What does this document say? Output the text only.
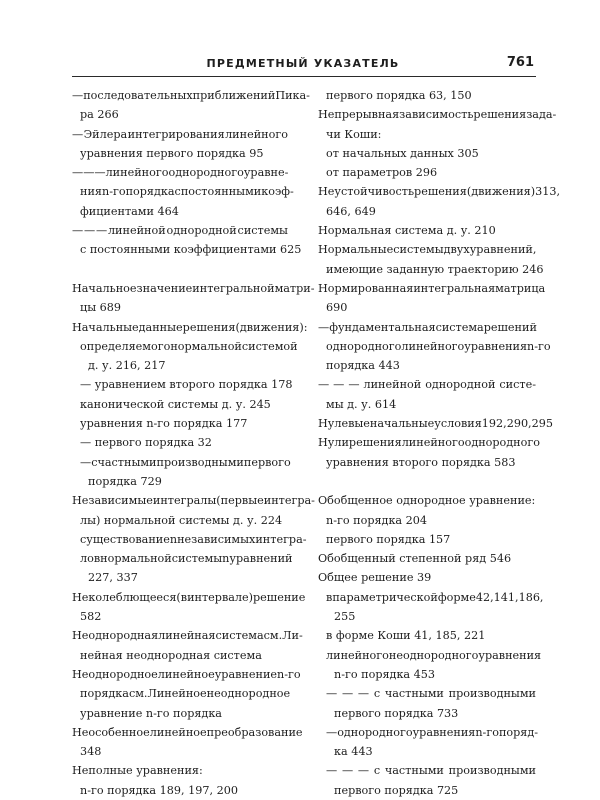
ПРЕДМЕТНЫЙ УКАЗАТЕЛЬ	761
— последовательных приближений Пика-
ра 266
— Эйлера интегрирования линейного
уравнения первого порядка 95
— — — линейного однородного уравне-
ния n-го порядка с постоянными коэф-
фициентами 464
— — — линейной однородной системы
с постоянными коэффициентами 625
Начальное значение интегральной матри-
цы 689
Начальные данные решения (движения):
определяемого нормальной системой
д. у. 216, 217
— уравнением второго порядка 178
канонической системы д. у. 245
уравнения n-го порядка 177
— первого порядка 32
— с частными производными первого
порядка 729
Независимые интегралы (первые интегра-
лы) нормальной системы д. у. 224
существование n независимых интегра-
лов нормальной системы n уравнений
227, 337
Неколеблющееся (в интервале) решение
582
Неоднородная линейная система см. Ли-
нейная неоднородная система
Неоднородное линейное уравнение n-го
порядка см. Линейное неоднородное
уравнение n-го порядка
Неособенное линейное преобразование
348
Неполные уравнения:
n-го порядка 189, 197, 200
первого порядка 63, 150
Непрерывная зависимость решения зада-
чи Коши:
от начальных данных 305
от параметров 296
Неустойчивость решения (движения) 313,
646, 649
Нормальная система д. у. 210
Нормальные системы двух уравнений,
имеющие заданную траекторию 246
Нормированная интегральная матрица
690
— фундаментальная система решений
однородного линейного уравнения n-го
порядка 443
— — — линейной однородной систе-
мы д. у. 614
Нулевые начальные условия 192, 290, 295
Нули решения линейного однородного
уравнения второго порядка 583
Обобщенное однородное уравнение:
n-го порядка 204
первого порядка 157
Обобщенный степенной ряд 546
Общее решение 39
в параметрической форме 42, 141, 186,
255
в форме Коши 41, 185, 221
линейного неоднородного уравнения
n-го порядка 453
— — — с частными производными
первого порядка 733
— однородного уравнения n-го поряд-
ка 443
— — — с частными производными
первого порядка 725
